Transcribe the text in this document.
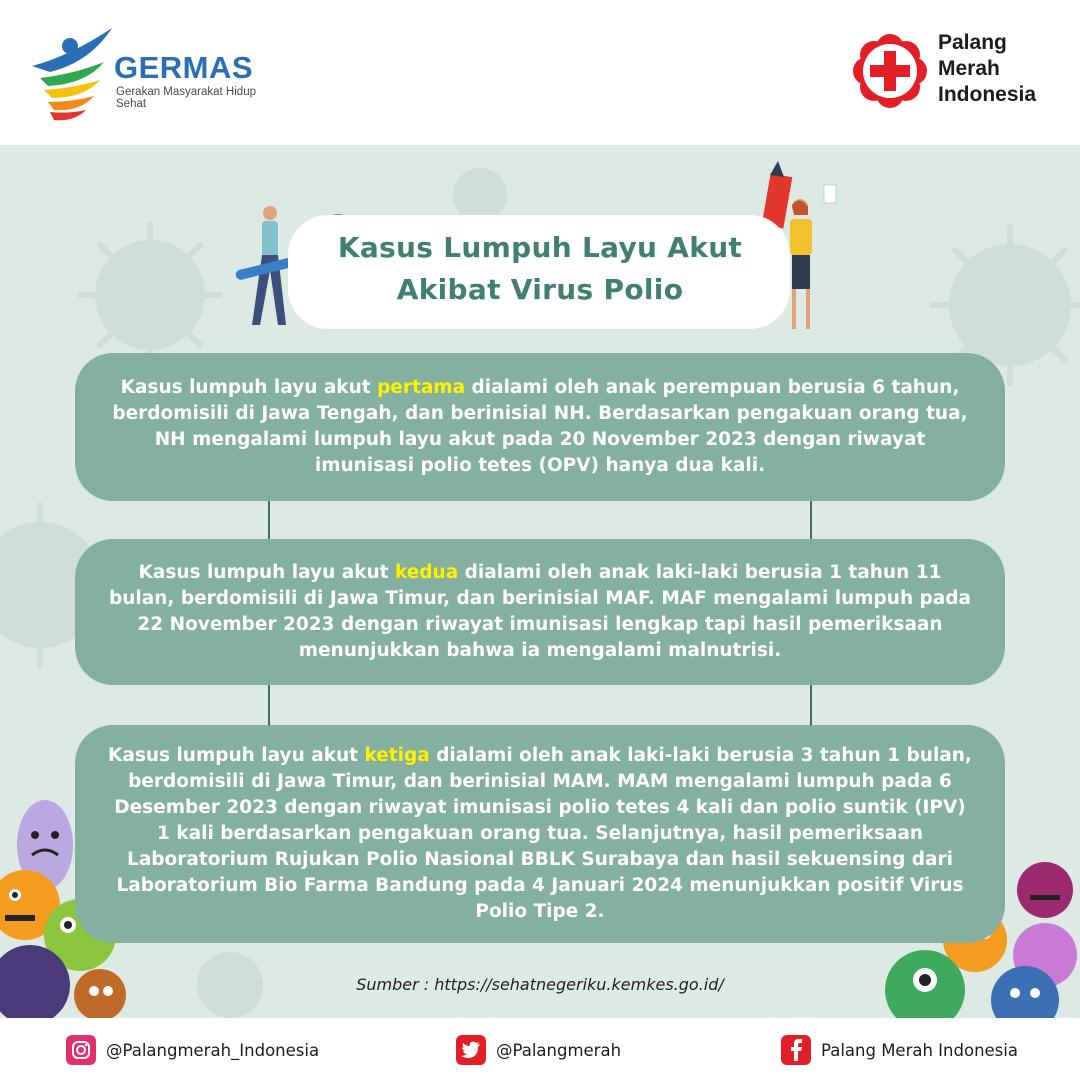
GERMAS
Gerakan Masyarakat Hidup Sehat
Palang
Merah
Indonesia
Kasus Lumpuh Layu Akut
Akibat Virus Polio

Kasus lumpuh layu akut pertama dialami oleh anak perempuan berusia 6 tahun, berdomisili di Jawa Tengah, dan berinisial NH. Berdasarkan pengakuan orang tua, NH mengalami lumpuh layu akut pada 20 November 2023 dengan riwayat imunisasi polio tetes (OPV) hanya dua kali.

Kasus lumpuh layu akut kedua dialami oleh anak laki-laki berusia 1 tahun 11 bulan, berdomisili di Jawa Timur, dan berinisial MAF. MAF mengalami lumpuh pada 22 November 2023 dengan riwayat imunisasi lengkap tapi hasil pemeriksaan menunjukkan bahwa ia mengalami malnutrisi.

Kasus lumpuh layu akut ketiga dialami oleh anak laki-laki berusia 3 tahun 1 bulan, berdomisili di Jawa Timur, dan berinisial MAM. MAM mengalami lumpuh pada 6 Desember 2023 dengan riwayat imunisasi polio tetes 4 kali dan polio suntik (IPV) 1 kali berdasarkan pengakuan orang tua. Selanjutnya, hasil pemeriksaan Laboratorium Rujukan Polio Nasional BBLK Surabaya dan hasil sekuensing dari Laboratorium Bio Farma Bandung pada 4 Januari 2024 menunjukkan positif Virus Polio Tipe 2.

Sumber : https://sehatnegeriku.kemkes.go.id/
@Palangmerah_Indonesia	@Palangmerah	Palang Merah Indonesia
